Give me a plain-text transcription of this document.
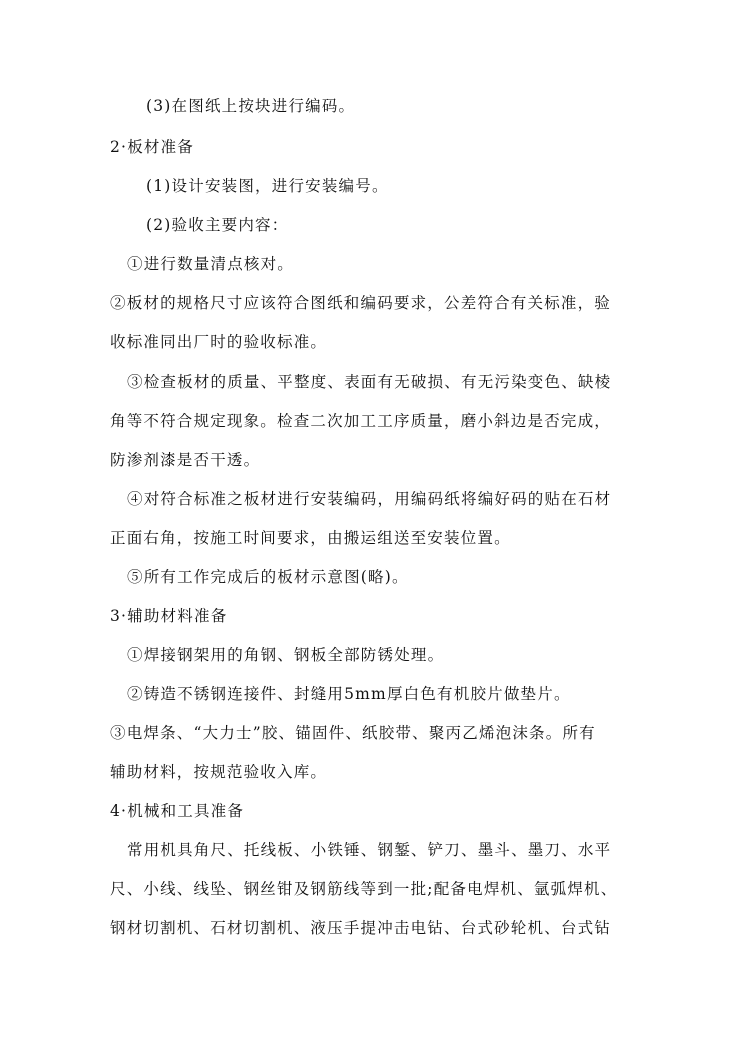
(3)在图纸上按块进行编码。
2·板材准备
(1)设计安装图，进行安装编号。
(2)验收主要内容：
①进行数量清点核对。
②板材的规格尺寸应该符合图纸和编码要求，公差符合有关标准，验
收标准同出厂时的验收标准。
③检查板材的质量、平整度、表面有无破损、有无污染变色、缺棱
角等不符合规定现象。检查二次加工工序质量，磨小斜边是否完成，
防渗剂漆是否干透。
④对符合标准之板材进行安装编码，用编码纸将编好码的贴在石材
正面右角，按施工时间要求，由搬运组送至安装位置。
⑤所有工作完成后的板材示意图(略)。
3·辅助材料准备
①焊接钢架用的角钢、钢板全部防锈处理。
②铸造不锈钢连接件、封缝用5mm厚白色有机胶片做垫片。
③电焊条、“大力士”胶、锚固件、纸胶带、聚丙乙烯泡沫条。所有
辅助材料，按规范验收入库。
4·机械和工具准备
常用机具角尺、托线板、小铁锤、钢錾、铲刀、墨斗、墨刀、水平
尺、小线、线坠、钢丝钳及钢筋线等到一批;配备电焊机、氩弧焊机、
钢材切割机、石材切割机、液压手提冲击电钻、台式砂轮机、台式钻
